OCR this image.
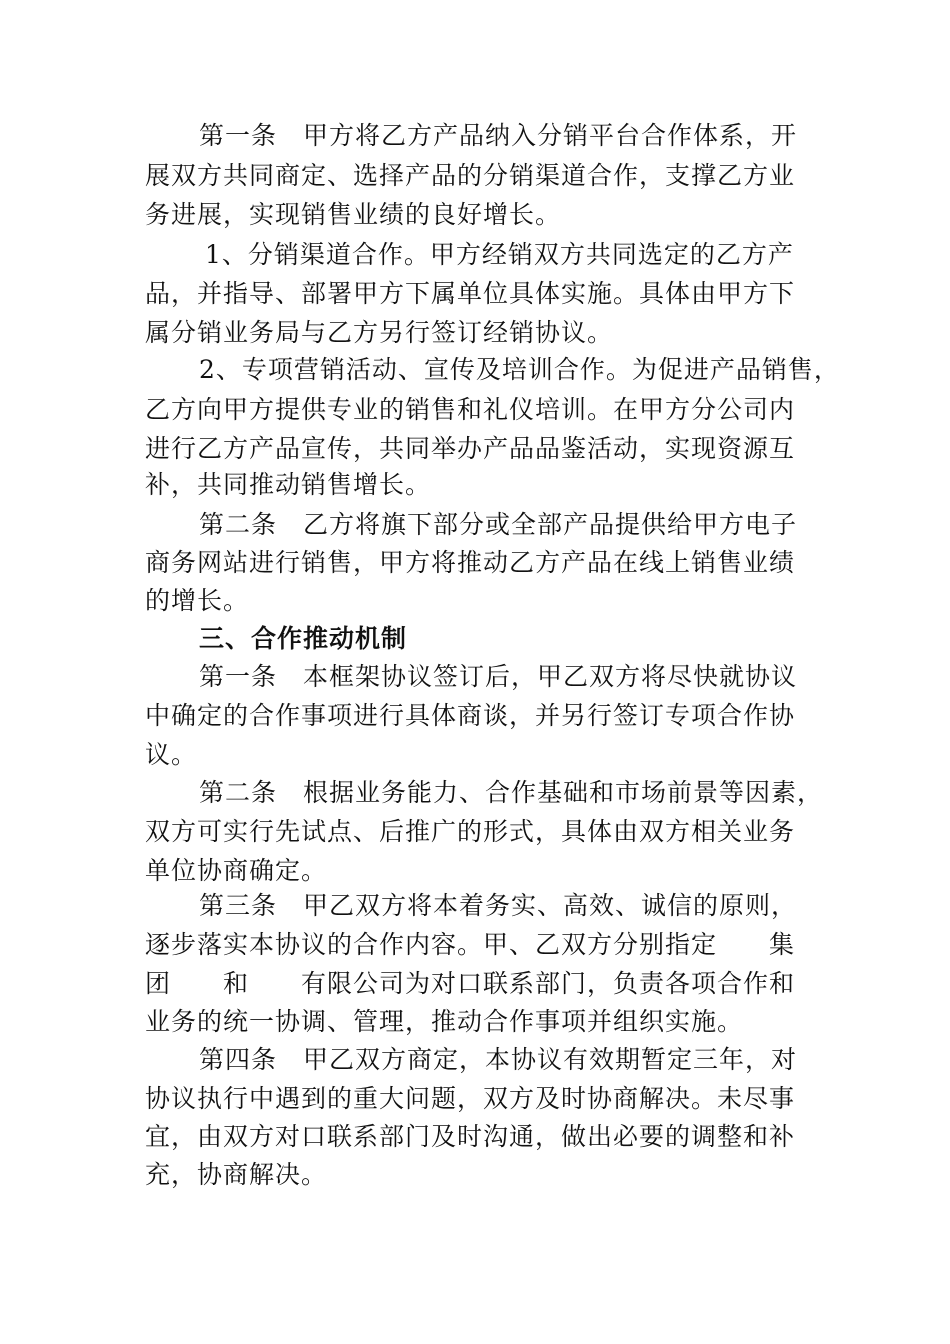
第一条　甲方将乙方产品纳入分销平台合作体系，开
展双方共同商定、选择产品的分销渠道合作，支撑乙方业
务进展，实现销售业绩的良好增长。
1、分销渠道合作。甲方经销双方共同选定的乙方产
品，并指导、部署甲方下属单位具体实施。具体由甲方下
属分销业务局与乙方另行签订经销协议。
2、专项营销活动、宣传及培训合作。为促进产品销售，
乙方向甲方提供专业的销售和礼仪培训。在甲方分公司内
进行乙方产品宣传，共同举办产品品鉴活动，实现资源互
补，共同推动销售增长。
第二条　乙方将旗下部分或全部产品提供给甲方电子
商务网站进行销售，甲方将推动乙方产品在线上销售业绩
的增长。
三、合作推动机制
第一条　本框架协议签订后，甲乙双方将尽快就协议
中确定的合作事项进行具体商谈，并另行签订专项合作协
议。
第二条　根据业务能力、合作基础和市场前景等因素，
双方可实行先试点、后推广的形式，具体由双方相关业务
单位协商确定。
第三条　甲乙双方将本着务实、高效、诚信的原则，
逐步落实本协议的合作内容。甲、乙双方分别指定　　集
团　　和　　有限公司为对口联系部门，负责各项合作和
业务的统一协调、管理，推动合作事项并组织实施。
第四条　甲乙双方商定，本协议有效期暂定三年，对
协议执行中遇到的重大问题，双方及时协商解决。未尽事
宜，由双方对口联系部门及时沟通，做出必要的调整和补
充，协商解决。
